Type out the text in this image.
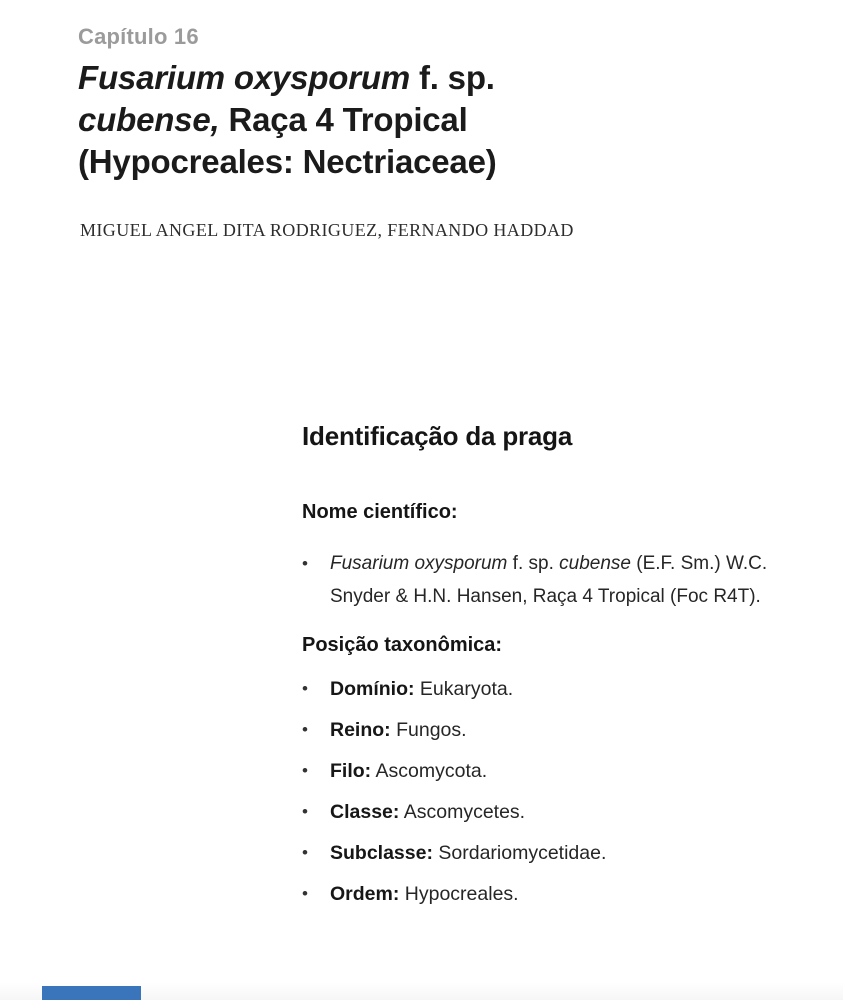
Capítulo 16
Fusarium oxysporum f. sp.
cubense, Raça 4 Tropical
(Hypocreales: Nectriaceae)
MIGUEL ANGEL DITA RODRIGUEZ, FERNANDO HADDAD
Identificação da praga
Nome científico:
•	Fusarium oxysporum f. sp. cubense (E.F. Sm.) W.C. Snyder & H.N. Hansen, Raça 4 Tropical (Foc R4T).
Posição taxonômica:
•	Domínio: Eukaryota.
•	Reino: Fungos.
•	Filo: Ascomycota.
•	Classe: Ascomycetes.
•	Subclasse: Sordariomycetidae.
•	Ordem: Hypocreales.
